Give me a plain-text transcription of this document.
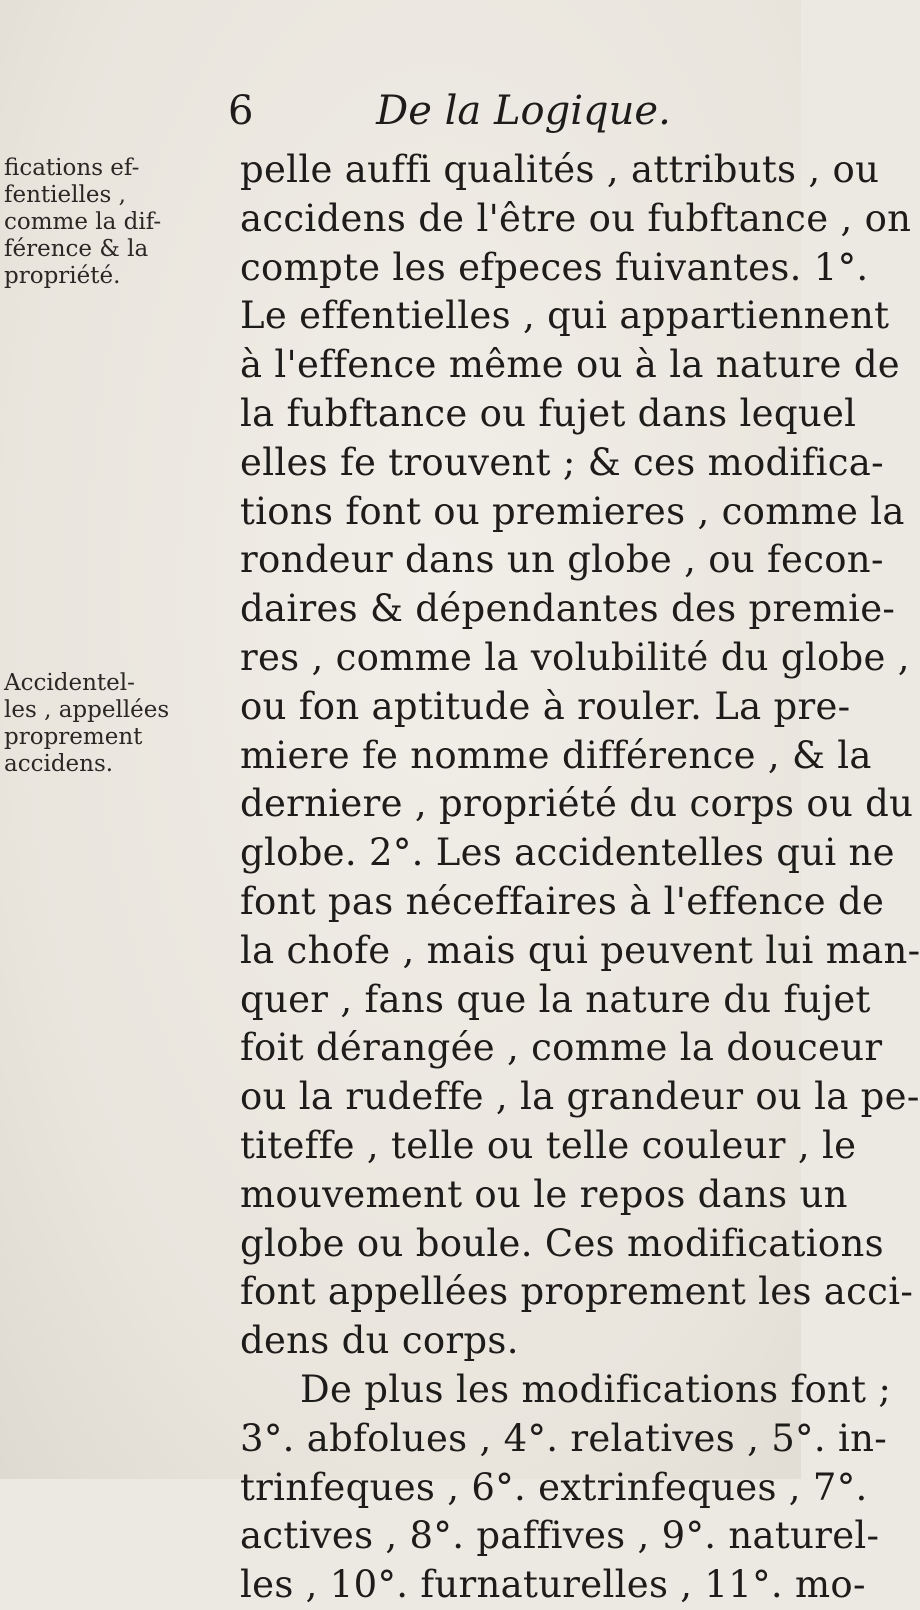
6	De la Logique.
fications ef-
fentielles ,
comme la dif-
férence & la
propriété.
Accidentel-
les , appellées
proprement
accidens.
pelle auffi qualités , attributs , ou
accidens de l'être ou fubftance , on
compte les efpeces fuivantes. 1°.
Le effentielles , qui appartiennent
à l'effence même ou à la nature de
la fubftance ou fujet dans lequel
elles fe trouvent ; & ces modifica-
tions font ou premieres , comme la
rondeur dans un globe , ou fecon-
daires & dépendantes des premie-
res , comme la volubilité du globe ,
ou fon aptitude à rouler. La pre-
miere fe nomme différence , & la
derniere , propriété du corps ou du
globe. 2°. Les accidentelles qui ne
font pas néceffaires à l'effence de
la chofe , mais qui peuvent lui man-
quer , fans que la nature du fujet
foit dérangée , comme la douceur
ou la rudeffe , la grandeur ou la pe-
titeffe , telle ou telle couleur , le
mouvement ou le repos dans un
globe ou boule. Ces modifications
font appellées proprement les acci-
dens du corps.
De plus les modifications font ;
3°. abfolues , 4°. relatives , 5°. in-
trinfeques , 6°. extrinfeques , 7°.
actives , 8°. paffives , 9°. naturel-
les , 10°. furnaturelles , 11°. mo-
